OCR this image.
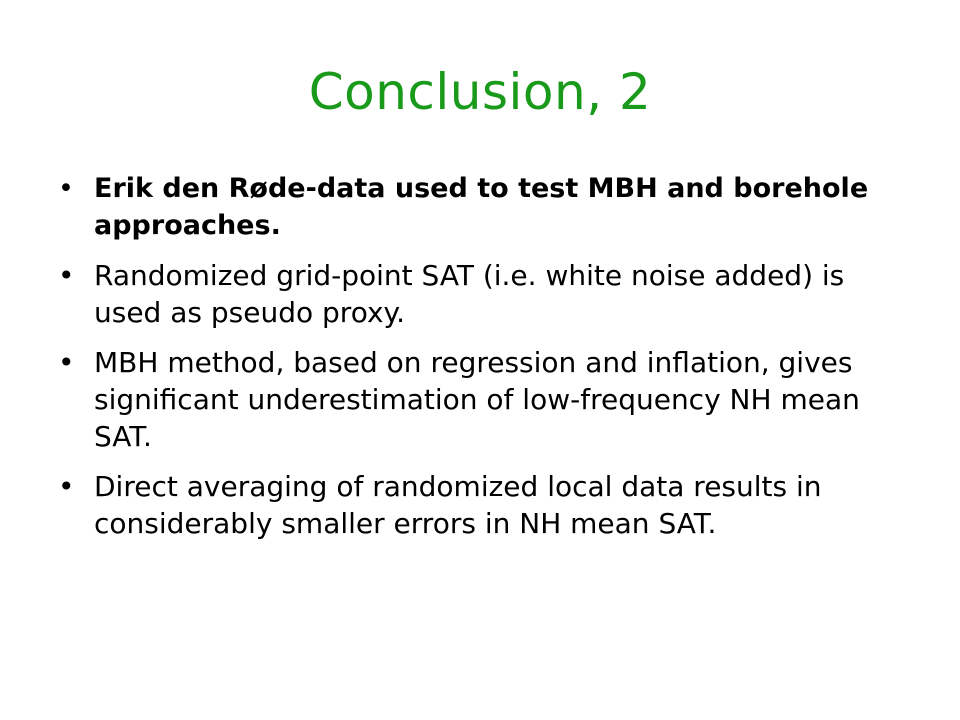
Conclusion, 2
• Erik den Røde-data used to test MBH and borehole approaches.
• Randomized grid-point SAT (i.e. white noise added) is used as pseudo proxy.
• MBH method, based on regression and inflation, gives significant underestimation of low-frequency NH mean SAT.
• Direct averaging of randomized local data results in considerably smaller errors in NH mean SAT.
